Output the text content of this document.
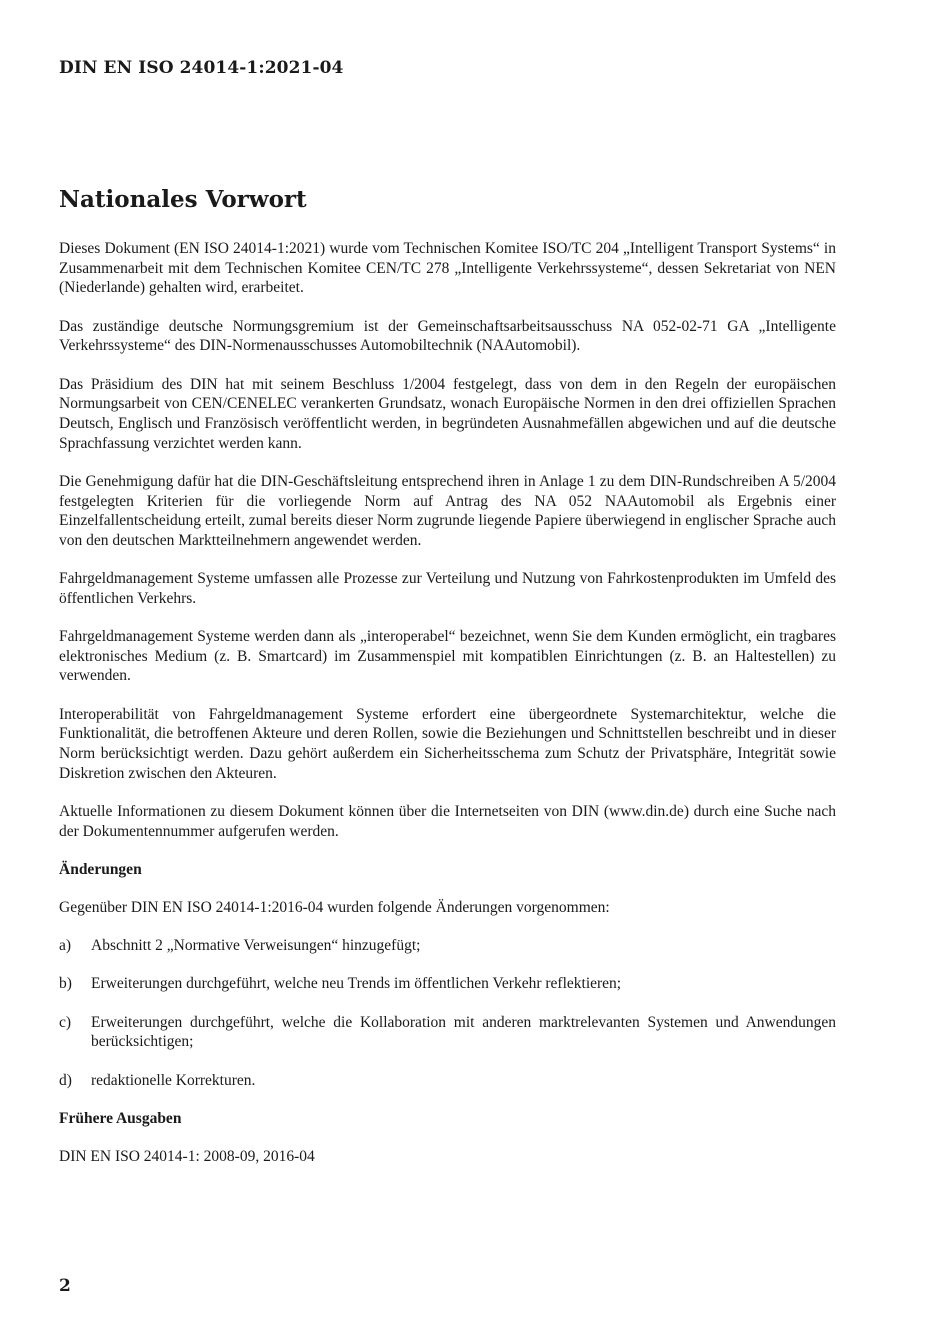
DIN EN ISO 24014-1:2021-04
Nationales Vorwort

Dieses Dokument (EN ISO 24014-1:2021) wurde vom Technischen Komitee ISO/TC 204 „Intelligent Transport Systems“ in Zusammenarbeit mit dem Technischen Komitee CEN/TC 278 „Intelligente Verkehrssysteme“, dessen Sekretariat von NEN (Niederlande) gehalten wird, erarbeitet.

Das zuständige deutsche Normungsgremium ist der Gemeinschaftsarbeitsausschuss NA 052-02-71 GA „Intelligente Verkehrssysteme“ des DIN-Normenausschusses Automobiltechnik (NAAutomobil).

Das Präsidium des DIN hat mit seinem Beschluss 1/2004 festgelegt, dass von dem in den Regeln der europäischen Normungsarbeit von CEN/CENELEC verankerten Grundsatz, wonach Europäische Normen in den drei offiziellen Sprachen Deutsch, Englisch und Französisch veröffentlicht werden, in begründeten Ausnahmefällen abgewichen und auf die deutsche Sprachfassung verzichtet werden kann.

Die Genehmigung dafür hat die DIN-Geschäftsleitung entsprechend ihren in Anlage 1 zu dem DIN-Rundschreiben A 5/2004 festgelegten Kriterien für die vorliegende Norm auf Antrag des NA 052 NAAutomobil als Ergebnis einer Einzelfallentscheidung erteilt, zumal bereits dieser Norm zugrunde liegende Papiere überwiegend in englischer Sprache auch von den deutschen Marktteilnehmern angewendet werden.

Fahrgeldmanagement Systeme umfassen alle Prozesse zur Verteilung und Nutzung von Fahrkostenprodukten im Umfeld des öffentlichen Verkehrs.

Fahrgeldmanagement Systeme werden dann als „interoperabel“ bezeichnet, wenn Sie dem Kunden ermöglicht, ein tragbares elektronisches Medium (z. B. Smartcard) im Zusammenspiel mit kompatiblen Einrichtungen (z. B. an Haltestellen) zu verwenden.

Interoperabilität von Fahrgeldmanagement Systeme erfordert eine übergeordnete Systemarchitektur, welche die Funktionalität, die betroffenen Akteure und deren Rollen, sowie die Beziehungen und Schnittstellen beschreibt und in dieser Norm berücksichtigt werden. Dazu gehört außerdem ein Sicherheitsschema zum Schutz der Privatsphäre, Integrität sowie Diskretion zwischen den Akteuren.

Aktuelle Informationen zu diesem Dokument können über die Internetseiten von DIN (www.din.de) durch eine Suche nach der Dokumentennummer aufgerufen werden.

Änderungen

Gegenüber DIN EN ISO 24014-1:2016-04 wurden folgende Änderungen vorgenommen:

a)	Abschnitt 2 „Normative Verweisungen“ hinzugefügt;
b)	Erweiterungen durchgeführt, welche neu Trends im öffentlichen Verkehr reflektieren;
c)	Erweiterungen durchgeführt, welche die Kollaboration mit anderen marktrelevanten Systemen und Anwendungen berücksichtigen;
d)	redaktionelle Korrekturen.
Frühere Ausgaben

DIN EN ISO 24014-1: 2008-09, 2016-04

2
